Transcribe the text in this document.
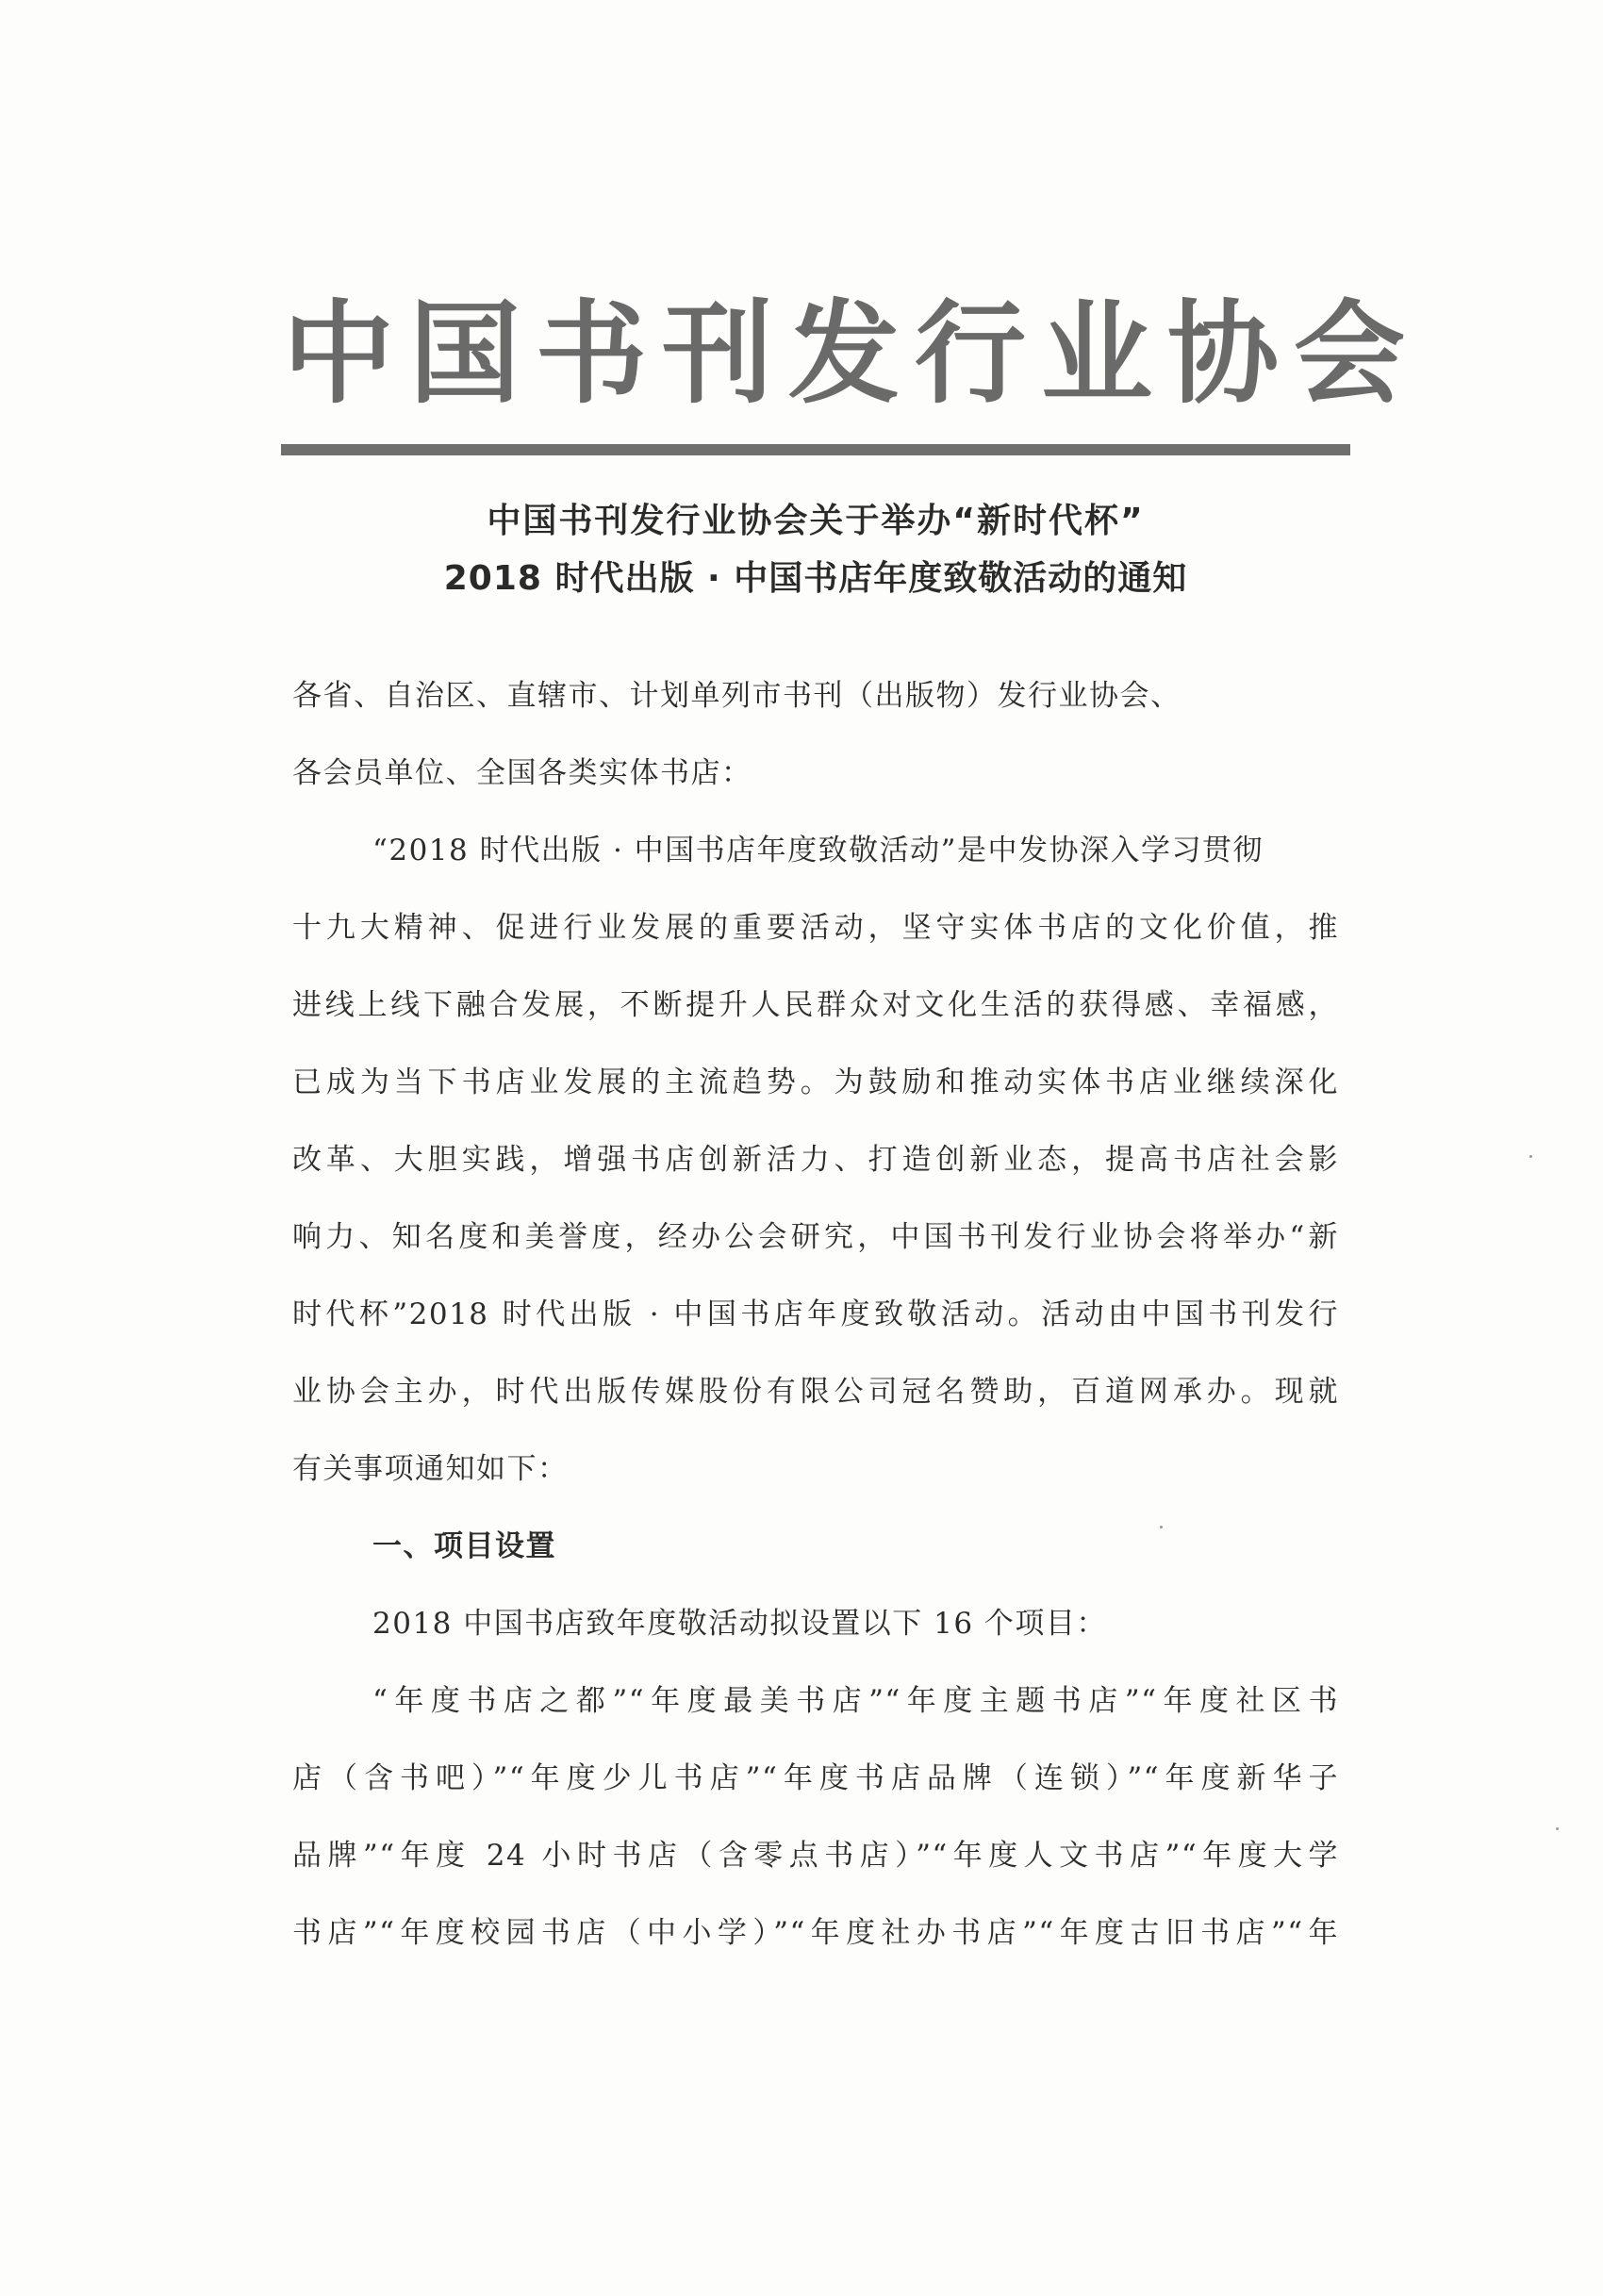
中国书刊发行业协会
中国书刊发行业协会关于举办“新时代杯”
2018 时代出版 · 中国书店年度致敬活动的通知
各省、自治区、直辖市、计划单列市书刊（出版物）发行业协会、
各会员单位、全国各类实体书店：
“2018 时代出版 · 中国书店年度致敬活动”是中发协深入学习贯彻
十九大精神、促进行业发展的重要活动，坚守实体书店的文化价值，推
进线上线下融合发展，不断提升人民群众对文化生活的获得感、幸福感，
已成为当下书店业发展的主流趋势。为鼓励和推动实体书店业继续深化
改革、大胆实践，增强书店创新活力、打造创新业态，提高书店社会影
响力、知名度和美誉度，经办公会研究，中国书刊发行业协会将举办“新
时代杯”2018 时代出版 · 中国书店年度致敬活动。活动由中国书刊发行
业协会主办，时代出版传媒股份有限公司冠名赞助，百道网承办。现就
有关事项通知如下：
一、项目设置
2018 中国书店致年度敬活动拟设置以下 16 个项目：
“年度书店之都”“年度最美书店”“年度主题书店”“年度社区书
店（含书吧）”“年度少儿书店”“年度书店品牌（连锁）”“年度新华子
品牌”“年度 24 小时书店（含零点书店）”“年度人文书店”“年度大学
书店”“年度校园书店（中小学）”“年度社办书店”“年度古旧书店”“年
